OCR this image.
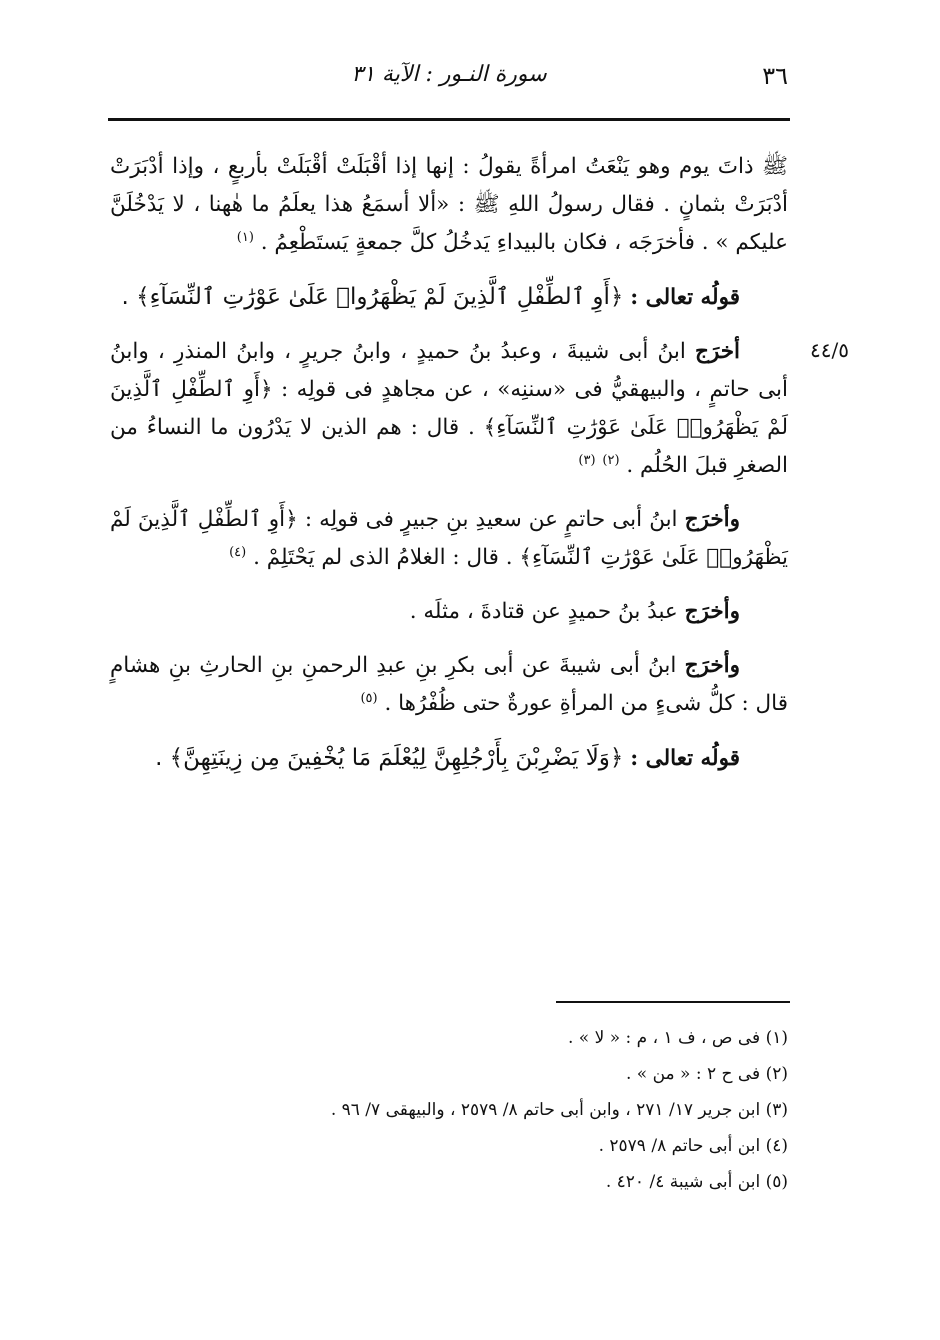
٣٦
سورة النـور : الآية ٣١
٤٤/٥

ﷺ ذاتَ يوم وهو يَنْعَتُ امرأةً يقولُ : إنها إذا أقْبَلَتْ أقْبَلَتْ بأربعٍ ، وإذا أدْبَرَتْ أدْبَرَتْ بثمانٍ . فقال رسولُ اللهِ ﷺ : «ألا أسمَعُ هذا يعلَمُ ما هٰهنا ، لا يَدْخُلَنَّ عليكم » . فأخرَجَه ، فكان بالبيداءِ يَدخُلُ كلَّ جمعةٍ يَستَطْعِمُ . $^{(١)}$

قولُه تعالى : ﴿أَوِ ٱلطِّفْلِ ٱلَّذِينَ لَمْ يَظْهَرُوا۟ عَلَىٰ عَوْرَٰتِ ٱلنِّسَآءِ﴾ .

أخرَج ابنُ أبى شيبةَ ، وعبدُ بنُ حميدٍ ، وابنُ جريرٍ ، وابنُ المنذرِ ، وابنُ أبى حاتمٍ ، والبيهقيُّ فى «سننِه» ، عن مجاهدٍ فى قولِه : ﴿أَوِ ٱلطِّفْلِ ٱلَّذِينَ لَمْ يَظْهَرُوا۟ عَلَىٰ عَوْرَٰتِ ٱلنِّسَآءِ﴾ . قال : هم الذين لا يَدْرُون ما النساءُ من الصغرِ قبلَ الحُلُم . $^{(٢)}$ $^{(٣)}$

وأخرَج ابنُ أبى حاتمٍ عن سعيدِ بنِ جبيرٍ فى قولِه : ﴿أَوِ ٱلطِّفْلِ ٱلَّذِينَ لَمْ يَظْهَرُوا۟ عَلَىٰ عَوْرَٰتِ ٱلنِّسَآءِ﴾ . قال : الغلامُ الذى لم يَحْتَلِمْ . $^{(٤)}$

وأخرَج عبدُ بنُ حميدٍ عن قتادةَ ، مثلَه .

وأخرَج ابنُ أبى شيبةَ عن أبى بكرِ بنِ عبدِ الرحمنِ بنِ الحارثِ بنِ هشامٍ قال : كلُّ شىءٍ من المرأةِ عورةٌ حتى ظُفْرُها . $^{(٥)}$

قولُه تعالى : ﴿وَلَا يَضْرِبْنَ بِأَرْجُلِهِنَّ لِيُعْلَمَ مَا يُخْفِينَ مِن زِينَتِهِنَّ﴾ .

(١) فى ص ، ف ١ ، م : « لا » .

(٢) فى ح ٢ : « من » .

(٣) ابن جرير ١٧/ ٢٧١ ، وابن أبى حاتم ٨/ ٢٥٧٩ ، والبيهقى ٧/ ٩٦ .

(٤) ابن أبى حاتم ٨/ ٢٥٧٩ .

(٥) ابن أبى شيبة ٤/ ٤٢٠ .
